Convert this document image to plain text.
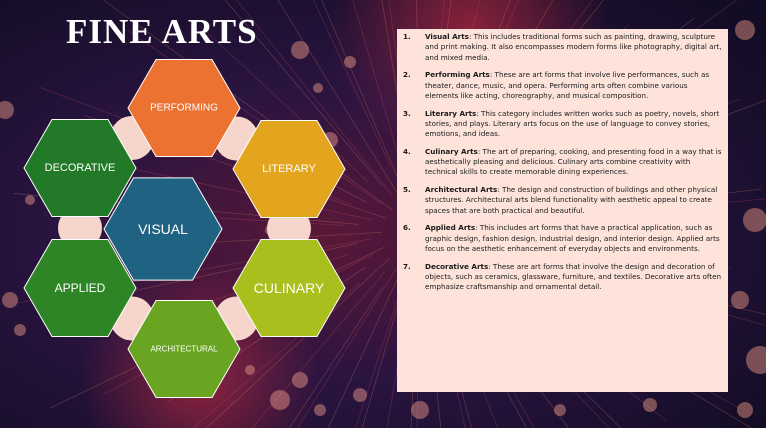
FINE ARTS
PERFORMING
LITERARY
CULINARY
ARCHITECTURAL
APPLIED
DECORATIVE
VISUAL
1. Visual Arts: This includes traditional forms such as painting, drawing, sculpture and print making. It also encompasses modern forms like photography, digital art, and mixed media.
2. Performing Arts: These are art forms that involve live performances, such as theater, dance, music, and opera. Performing arts often combine various elements like acting, choreography, and musical composition.
3. Literary Arts: This category includes written works such as poetry, novels, short stories, and plays. Literary arts focus on the use of language to convey stories, emotions, and ideas.
4. Culinary Arts: The art of preparing, cooking, and presenting food in a way that is aesthetically pleasing and delicious. Culinary arts combine creativity with technical skills to create memorable dining experiences.
5. Architectural Arts: The design and construction of buildings and other physical structures. Architectural arts blend functionality with aesthetic appeal to create spaces that are both practical and beautiful.
6. Applied Arts: This includes art forms that have a practical application, such as graphic design, fashion design, industrial design, and interior design. Applied arts focus on the aesthetic enhancement of everyday objects and environments.
7. Decorative Arts: These are art forms that involve the design and decoration of objects, such as ceramics, glassware, furniture, and textiles. Decorative arts often emphasize craftsmanship and ornamental detail.
